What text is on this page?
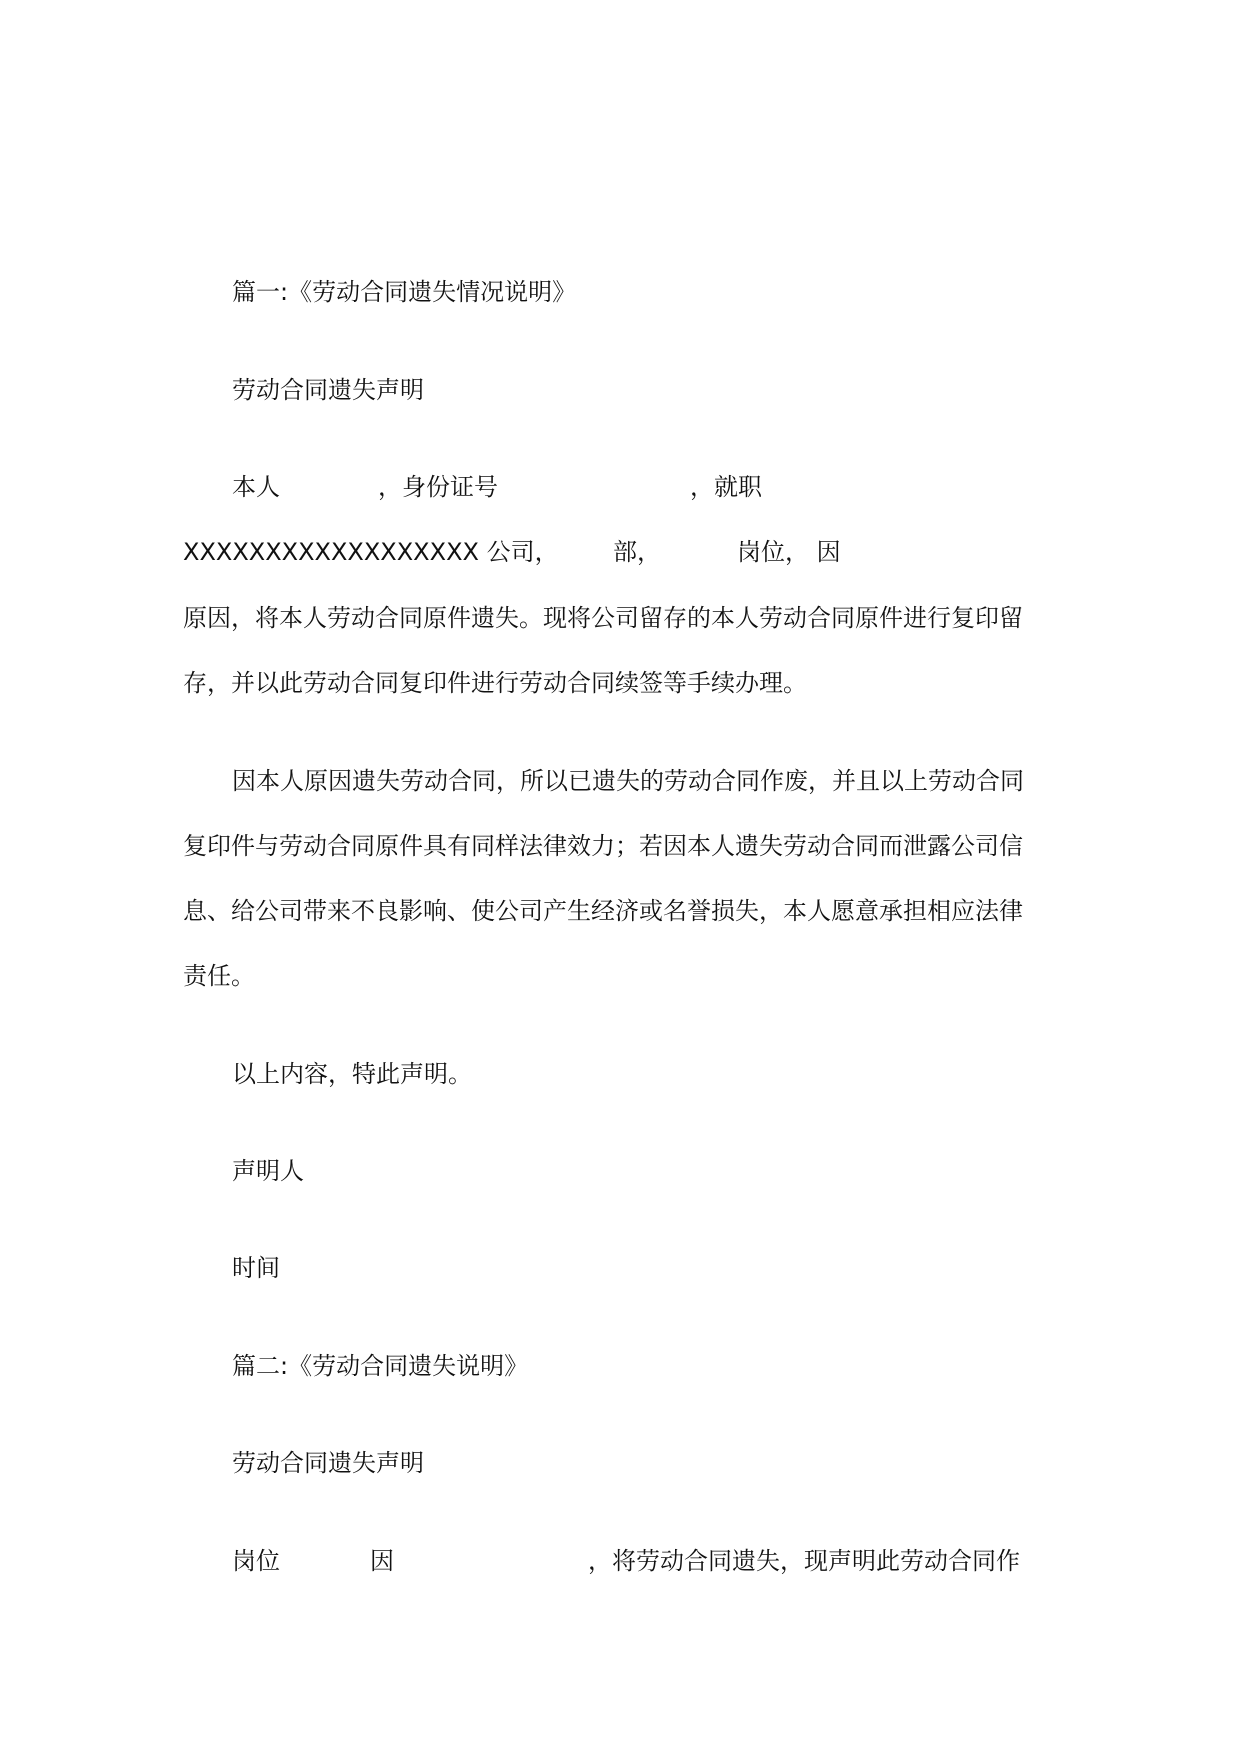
篇一:《劳动合同遗失情况说明》
劳动合同遗失声明
本人	，身份证号	，就职
XXXXXXXXXXXXXXXXXX 公司， 部，	岗位， 因
原因，将本人劳动合同原件遗失。现将公司留存的本人劳动合同原件进行复印留
存，并以此劳动合同复印件进行劳动合同续签等手续办理。
因本人原因遗失劳动合同，所以已遗失的劳动合同作废，并且以上劳动合同
复印件与劳动合同原件具有同样法律效力；若因本人遗失劳动合同而泄露公司信
息、给公司带来不良影响、使公司产生经济或名誉损失，本人愿意承担相应法律
责任。
以上内容，特此声明。
声明人
时间
篇二:《劳动合同遗失说明》
劳动合同遗失声明
岗位	因	，将劳动合同遗失，现声明此劳动合同作
